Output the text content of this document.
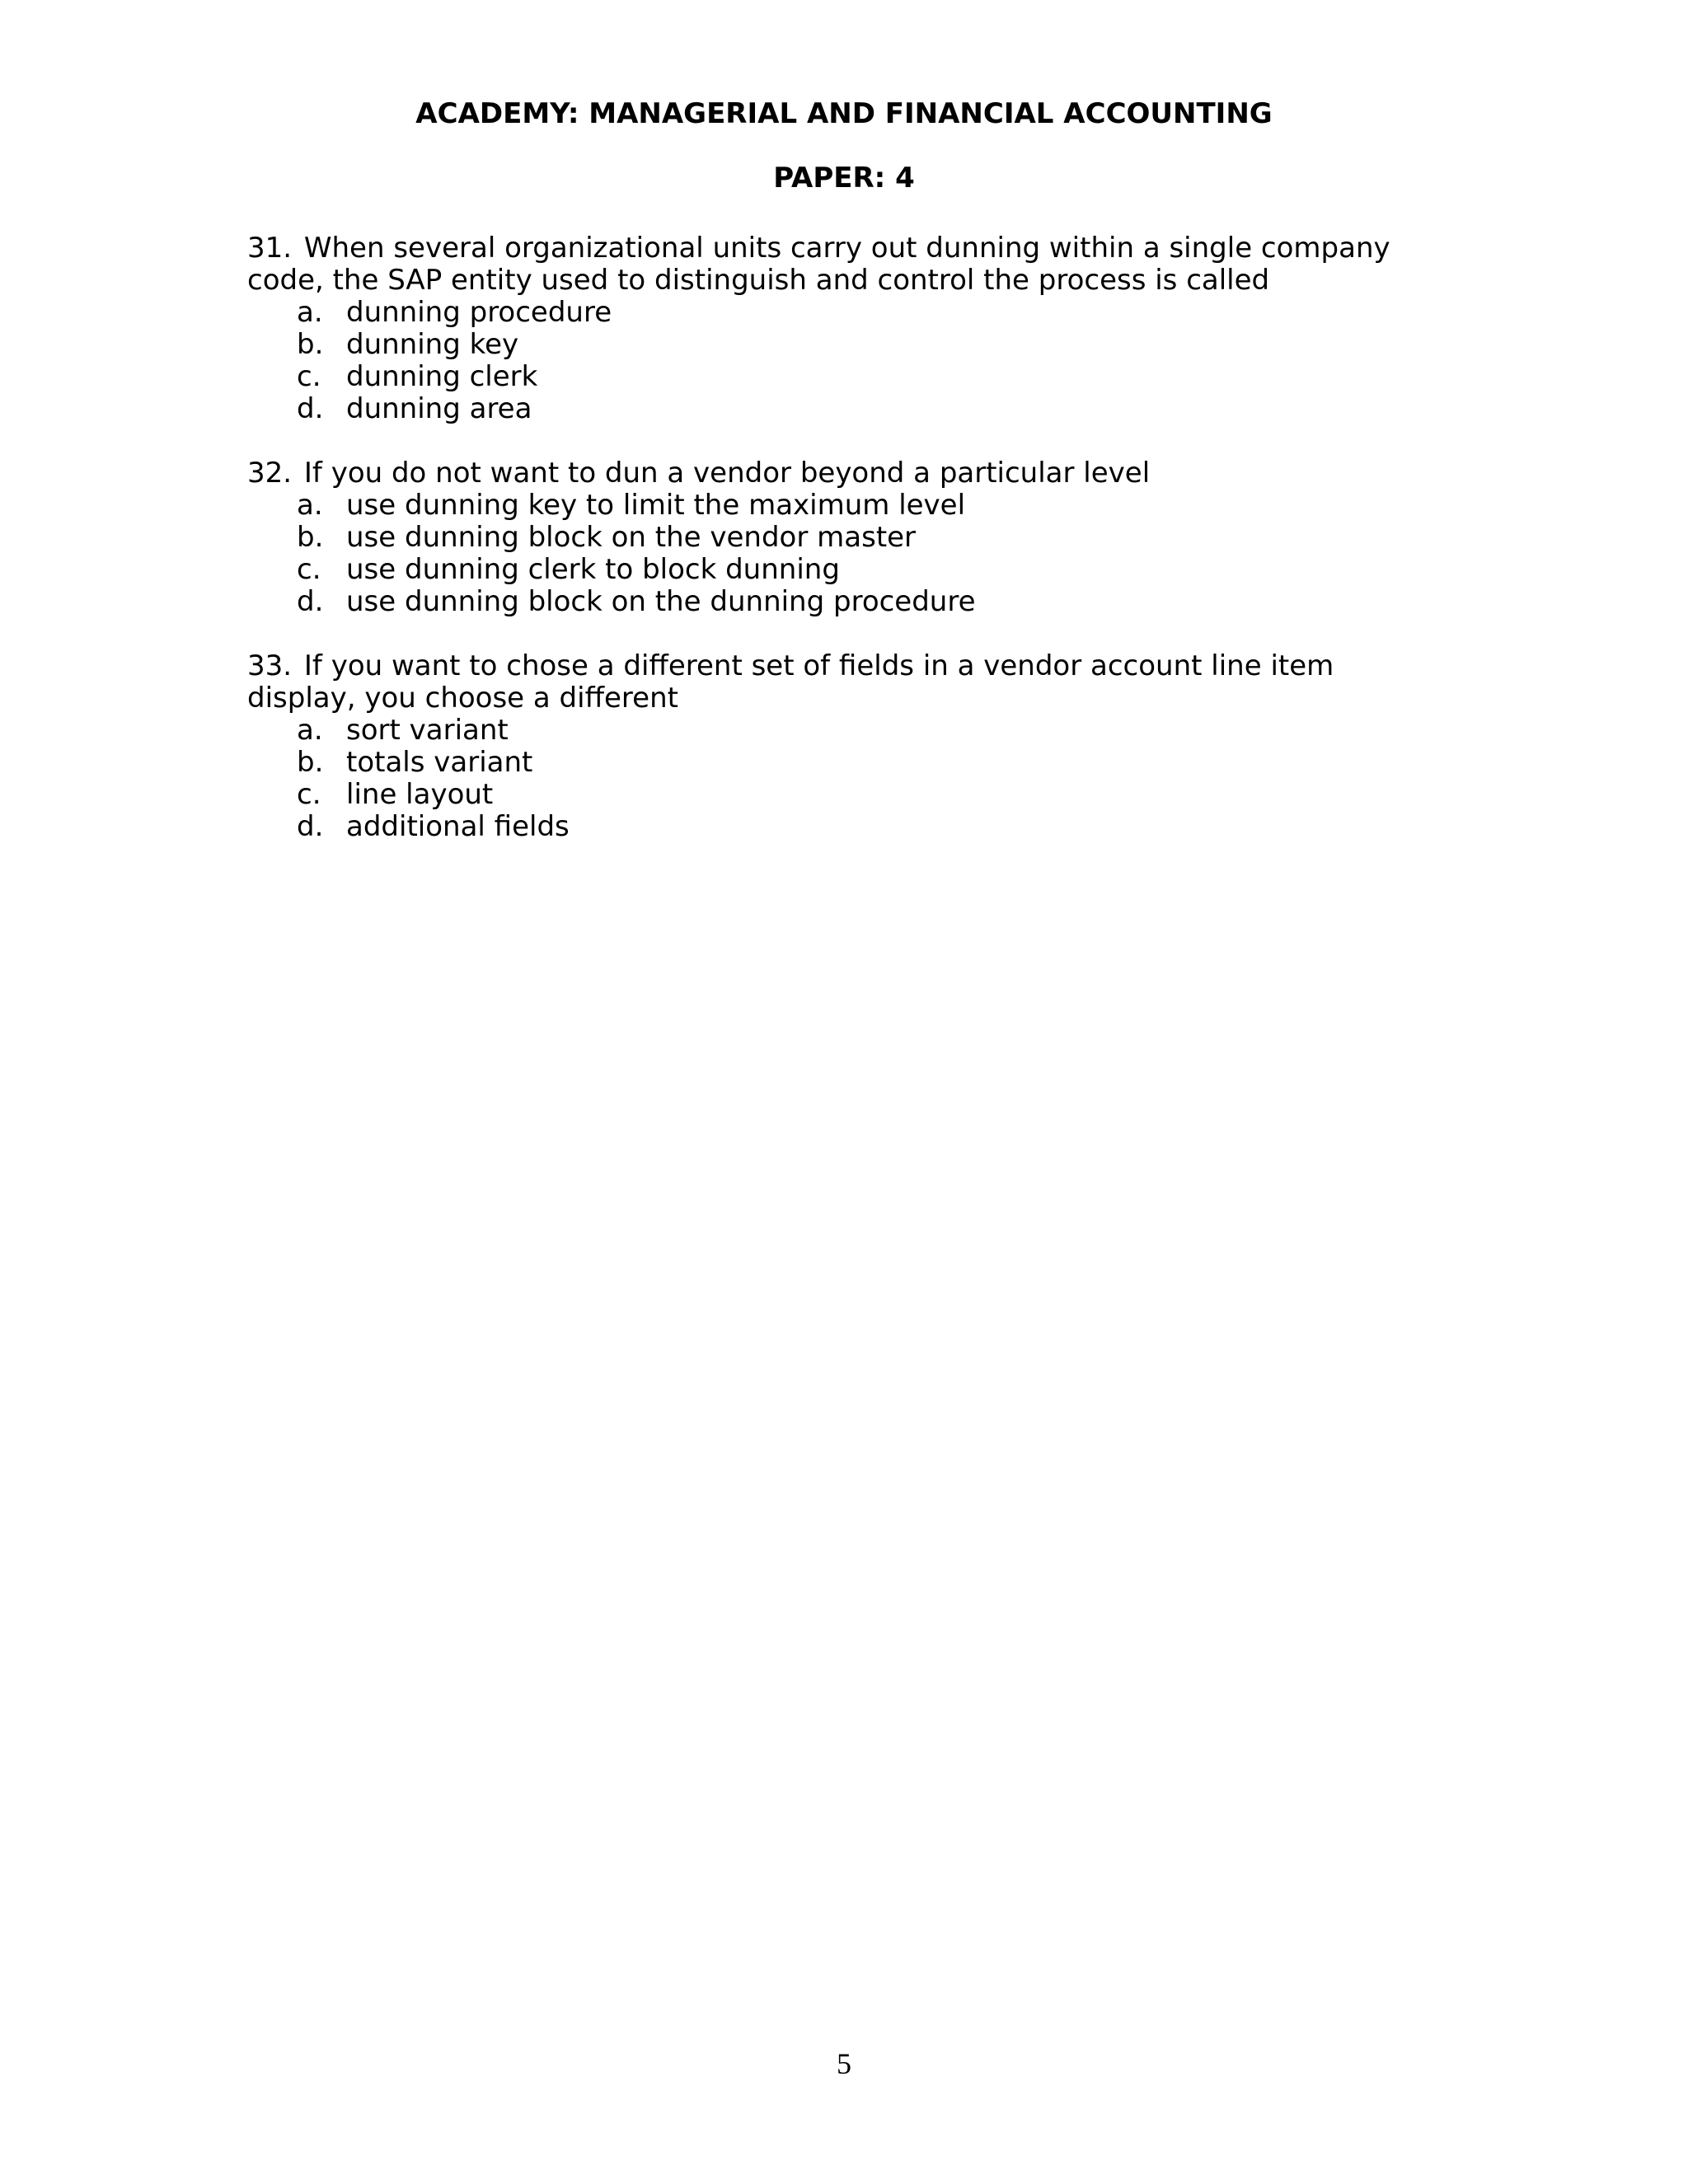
ACADEMY: MANAGERIAL AND FINANCIAL ACCOUNTING
PAPER: 4

31. When several organizational units carry out dunning within a single company code, the SAP entity used to distinguish and control the process is called

a. dunning procedure
b. dunning key
c. dunning clerk
d. dunning area

32. If you do not want to dun a vendor beyond a particular level

a. use dunning key to limit the maximum level
b. use dunning block on the vendor master
c. use dunning clerk to block dunning
d. use dunning block on the dunning procedure

33. If you want to chose a different set of fields in a vendor account line item display, you choose a different

a. sort variant
b. totals variant
c. line layout
d. additional fields
5
